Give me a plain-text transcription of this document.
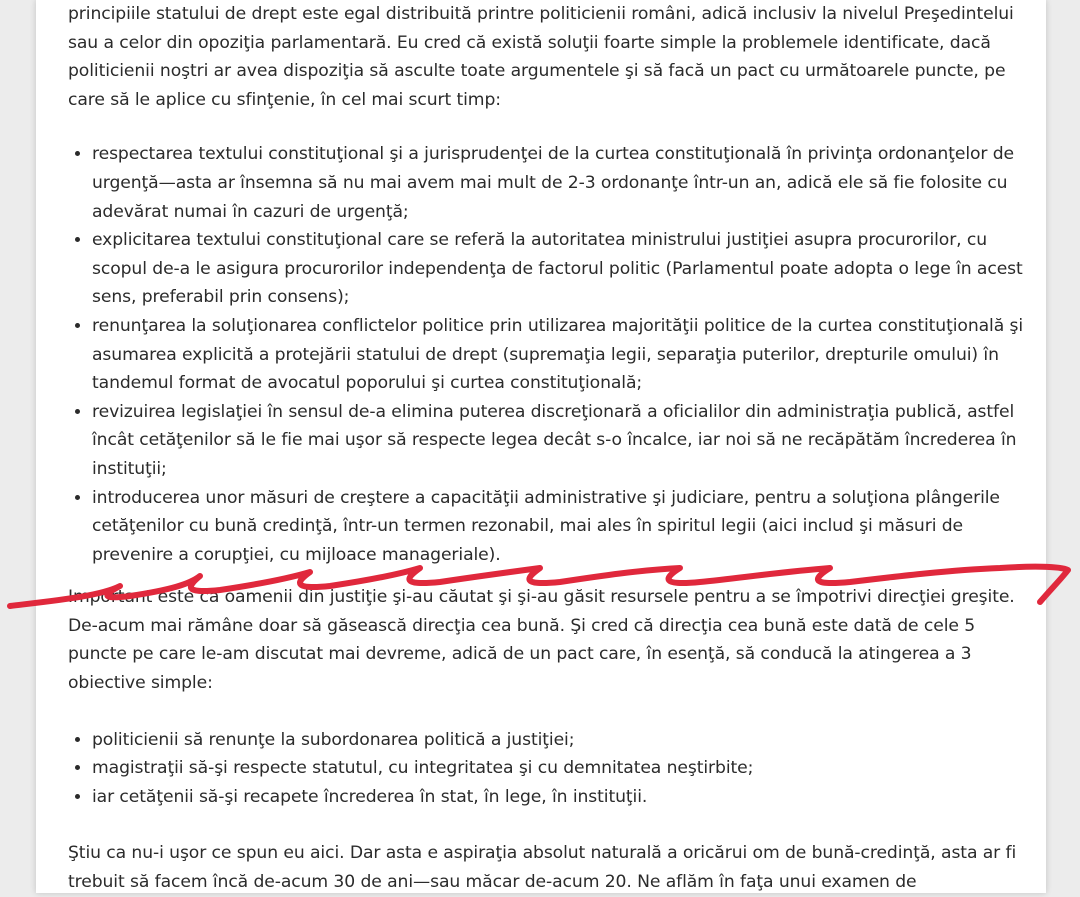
principiile statului de drept este egal distribuită printre politicienii români, adică inclusiv la nivelul Preşedintelui sau a celor din opoziţia parlamentară. Eu cred că există soluţii foarte simple la problemele identificate, dacă politicienii noştri ar avea dispoziţia să asculte toate argumentele şi să facă un pact cu următoarele puncte, pe care să le aplice cu sfinţenie, în cel mai scurt timp:

• respectarea textului constituţional şi a jurisprudenţei de la curtea constituţională în privinţa ordonanţelor de urgenţă—asta ar însemna să nu mai avem mai mult de 2-3 ordonanţe într-un an, adică ele să fie folosite cu adevărat numai în cazuri de urgenţă;
• explicitarea textului constituţional care se referă la autoritatea ministrului justiţiei asupra procurorilor, cu scopul de-a le asigura procurorilor independenţa de factorul politic (Parlamentul poate adopta o lege în acest sens, preferabil prin consens);
• renunţarea la soluţionarea conflictelor politice prin utilizarea majorităţii politice de la curtea constituţională şi asumarea explicită a protejării statului de drept (supremaţia legii, separaţia puterilor, drepturile omului) în tandemul format de avocatul poporului şi curtea constituţională;
• revizuirea legislaţiei în sensul de-a elimina puterea discreţionară a oficialilor din administraţia publică, astfel încât cetăţenilor să le fie mai uşor să respecte legea decât s-o încalce, iar noi să ne recăpătăm încrederea în instituţii;
• introducerea unor măsuri de creştere a capacităţii administrative şi judiciare, pentru a soluţiona plângerile cetăţenilor cu bună credinţă, într-un termen rezonabil, mai ales în spiritul legii (aici includ şi măsuri de prevenire a corupţiei, cu mijloace manageriale).

Important este că oamenii din justiţie şi-au căutat şi şi-au găsit resursele pentru a se împotrivi direcţiei greşite. De-acum mai rămâne doar să găsească direcţia cea bună. Şi cred că direcţia cea bună este dată de cele 5 puncte pe care le-am discutat mai devreme, adică de un pact care, în esenţă, să conducă la atingerea a 3 obiective simple:

• politicienii să renunţe la subordonarea politică a justiţiei;
• magistraţii să-şi respecte statutul, cu integritatea şi cu demnitatea neştirbite;
• iar cetăţenii să-şi recapete încrederea în stat, în lege, în instituţii.

Ştiu ca nu-i uşor ce spun eu aici. Dar asta e aspiraţia absolut naturală a oricărui om de bună-credinţă, asta ar fi trebuit să facem încă de-acum 30 de ani—sau măcar de-acum 20. Ne aflăm în faţa unui examen de
